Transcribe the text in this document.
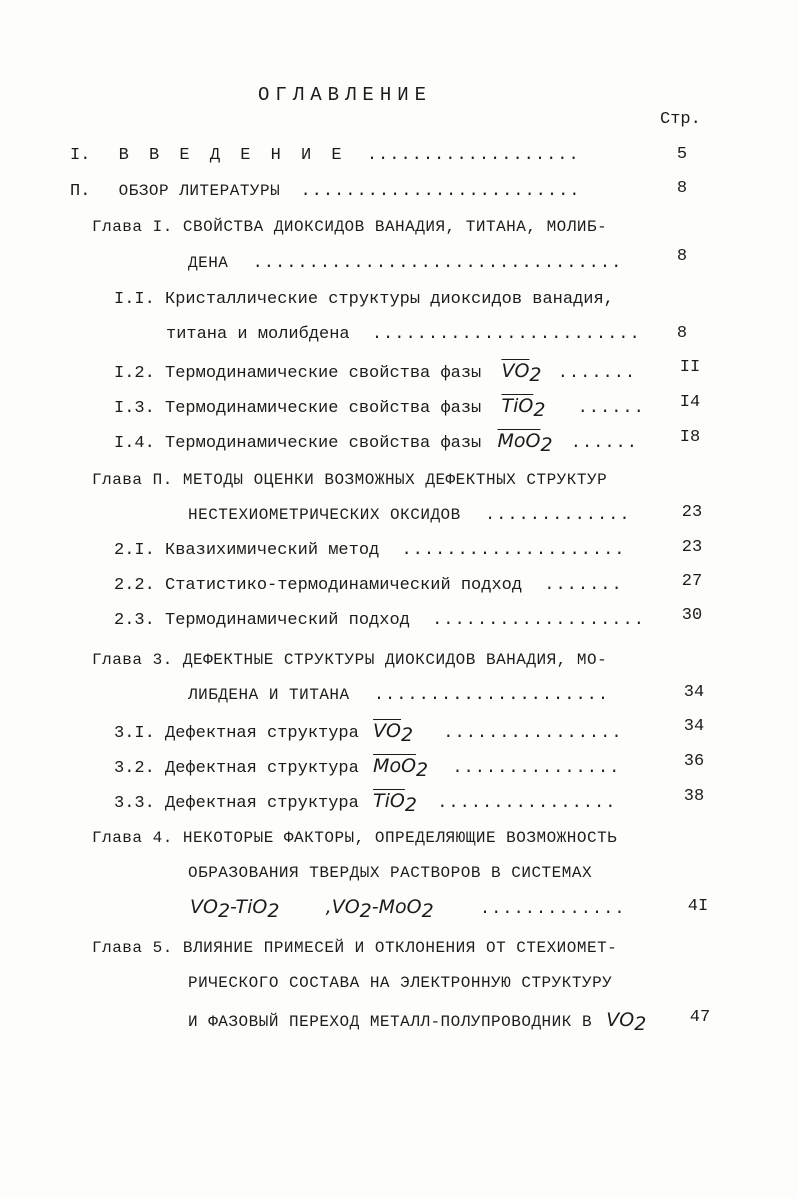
ОГЛАВЛЕНИЕ
Стр.
I. В В Е Д Е Н И Е ...................	5
П. ОБЗОР ЛИТЕРАТУРЫ .........................	8
Глава I. СВОЙСТВА ДИОКСИДОВ ВАНАДИЯ, ТИТАНА, МОЛИБ-
ДЕНА .................................	8
I.I. Кристаллические структуры диоксидов ванадия,
титана и молибдена ........................	8
I.2. Термодинамические свойства фазы $\overline{VO}_2$ .......	II
I.3. Термодинамические свойства фазы $\overline{TiO}_2$ ......	I4
I.4. Термодинамические свойства фазы $\overline{MoO}_2$ ......	I8
Глава П. МЕТОДЫ ОЦЕНКИ ВОЗМОЖНЫХ ДЕФЕКТНЫХ СТРУКТУР
НЕСТЕХИОМЕТРИЧЕСКИХ ОКСИДОВ .............	23
2.I. Квазихимический метод ....................	23
2.2. Статистико-термодинамический подход .......	27
2.3. Термодинамический подход ...................	30
Глава 3. ДЕФЕКТНЫЕ СТРУКТУРЫ ДИОКСИДОВ ВАНАДИЯ, МО-
ЛИБДЕНА И ТИТАНА .....................	34
3.I. Дефектная структура $\overline{VO}_2$ ................	34
3.2. Дефектная структура $\overline{MoO}_2$ ...............	36
3.3. Дефектная структура $\overline{TiO}_2$ ................	38
Глава 4. НЕКОТОРЫЕ ФАКТОРЫ, ОПРЕДЕЛЯЮЩИЕ ВОЗМОЖНОСТЬ
ОБРАЗОВАНИЯ ТВЕРДЫХ РАСТВОРОВ В СИСТЕМАХ
$VO_2-TiO_2$ $,VO_2-MoO_2$	.............	4I
Глава 5. ВЛИЯНИЕ ПРИМЕСЕЙ И ОТКЛОНЕНИЯ ОТ СТЕХИОМЕТ-
РИЧЕСКОГО СОСТАВА НА ЭЛЕКТРОННУЮ СТРУКТУРУ
И ФАЗОВЫЙ ПЕРЕХОД МЕТАЛЛ-ПОЛУПРОВОДНИК В $VO_2$	47
